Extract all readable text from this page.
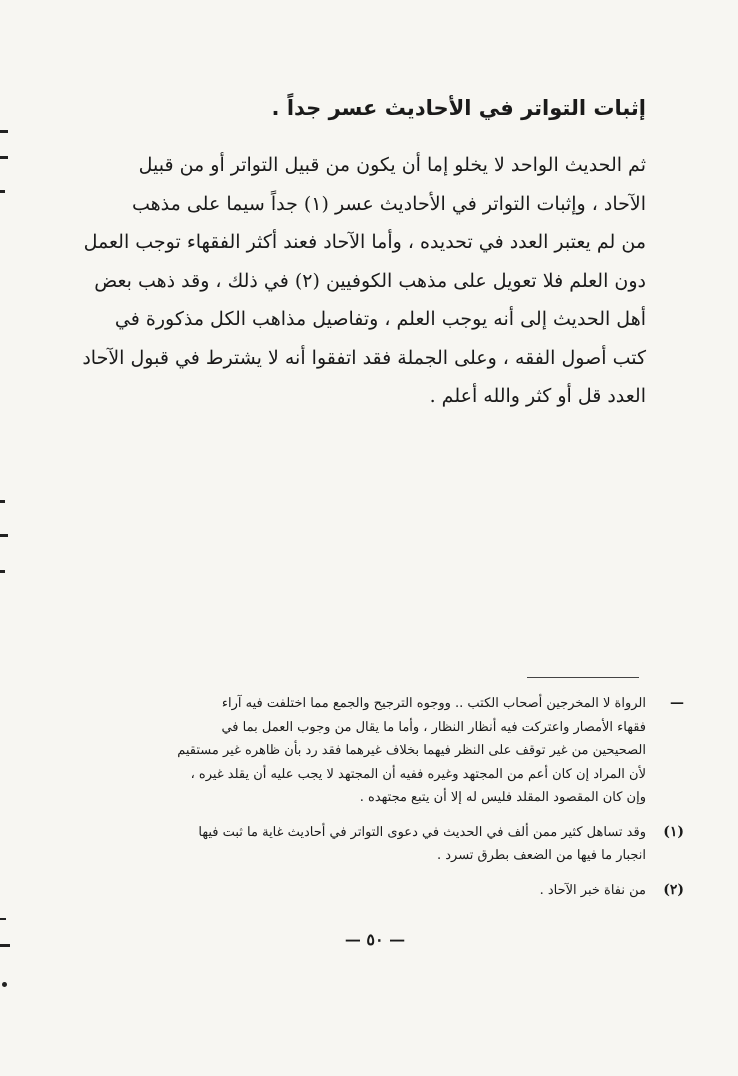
إثبات التواتر في الأحاديث عسر جداً .

ثم الحديث الواحد لا يخلو إما أن يكون من قبيل التواتر أو من قبيل
الآحاد ، وإثبات التواتر في الأحاديث عسر (١) جداً سيما على مذهب
من لم يعتبر العدد في تحديده ، وأما الآحاد فعند أكثر الفقهاء توجب العمل
دون العلم فلا تعويل على مذهب الكوفيين (٢) في ذلك ، وقد ذهب بعض
أهل الحديث إلى أنه يوجب العلم ، وتفاصيل مذاهب الكل مذكورة في
كتب أصول الفقه ، وعلى الجملة فقد اتفقوا أنه لا يشترط في قبول الآحاد
العدد قل أو كثر والله أعلم .

—
الرواة لا المخرجين أصحاب الكتب .. ووجوه الترجيح والجمع مما اختلفت فيه آراء
فقهاء الأمصار واعتركت فيه أنظار النظار ، وأما ما يقال من وجوب العمل بما في
الصحيحين من غير توقف على النظر فيهما بخلاف غيرهما فقد رد بأن ظاهره غير مستقيم
لأن المراد إن كان أعم من المجتهد وغيره ففيه أن المجتهد لا يجب عليه أن يقلد غيره ،
وإن كان المقصود المقلد فليس له إلا أن يتبع مجتهده .
(١)
وقد تساهل كثير ممن ألف في الحديث في دعوى التواتر في أحاديث غاية ما ثبت فيها
انجبار ما فيها من الضعف بطرق تسرد .
(٢)
من نفاة خبر الآحاد .
— ٥٠ —
